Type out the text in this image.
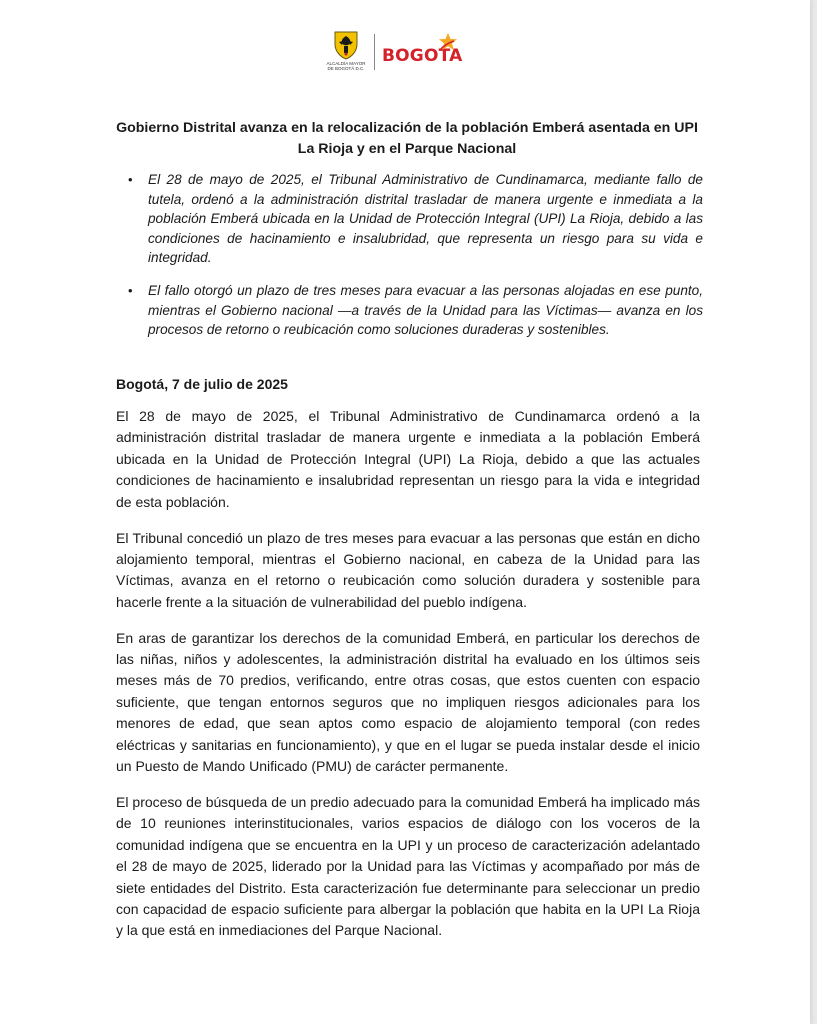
ALCALDÍA MAYOR
DE BOGOTÁ D.C.
BOGOTA

Gobierno Distrital avanza en la relocalización de la población Emberá asentada en UPI La Rioja y en el Parque Nacional

• El 28 de mayo de 2025, el Tribunal Administrativo de Cundinamarca, mediante fallo de tutela, ordenó a la administración distrital trasladar de manera urgente e inmediata a la población Emberá ubicada en la Unidad de Protección Integral (UPI) La Rioja, debido a las condiciones de hacinamiento e insalubridad, que representa un riesgo para su vida e integridad.
• El fallo otorgó un plazo de tres meses para evacuar a las personas alojadas en ese punto, mientras el Gobierno nacional —a través de la Unidad para las Víctimas— avanza en los procesos de retorno o reubicación como soluciones duraderas y sostenibles.

Bogotá, 7 de julio de 2025

El 28 de mayo de 2025, el Tribunal Administrativo de Cundinamarca ordenó a la administración distrital trasladar de manera urgente e inmediata a la población Emberá ubicada en la Unidad de Protección Integral (UPI) La Rioja, debido a que las actuales condiciones de hacinamiento e insalubridad representan un riesgo para la vida e integridad de esta población.

El Tribunal concedió un plazo de tres meses para evacuar a las personas que están en dicho alojamiento temporal, mientras el Gobierno nacional, en cabeza de la Unidad para las Víctimas, avanza en el retorno o reubicación como solución duradera y sostenible para hacerle frente a la situación de vulnerabilidad del pueblo indígena.

En aras de garantizar los derechos de la comunidad Emberá, en particular los derechos de las niñas, niños y adolescentes, la administración distrital ha evaluado en los últimos seis meses más de 70 predios, verificando, entre otras cosas, que estos cuenten con espacio suficiente, que tengan entornos seguros que no impliquen riesgos adicionales para los menores de edad, que sean aptos como espacio de alojamiento temporal (con redes eléctricas y sanitarias en funcionamiento), y que en el lugar se pueda instalar desde el inicio un Puesto de Mando Unificado (PMU) de carácter permanente.

El proceso de búsqueda de un predio adecuado para la comunidad Emberá ha implicado más de 10 reuniones interinstitucionales, varios espacios de diálogo con los voceros de la comunidad indígena que se encuentra en la UPI y un proceso de caracterización adelantado el 28 de mayo de 2025, liderado por la Unidad para las Víctimas y acompañado por más de siete entidades del Distrito. Esta caracterización fue determinante para seleccionar un predio con capacidad de espacio suficiente para albergar la población que habita en la UPI La Rioja y la que está en inmediaciones del Parque Nacional.
